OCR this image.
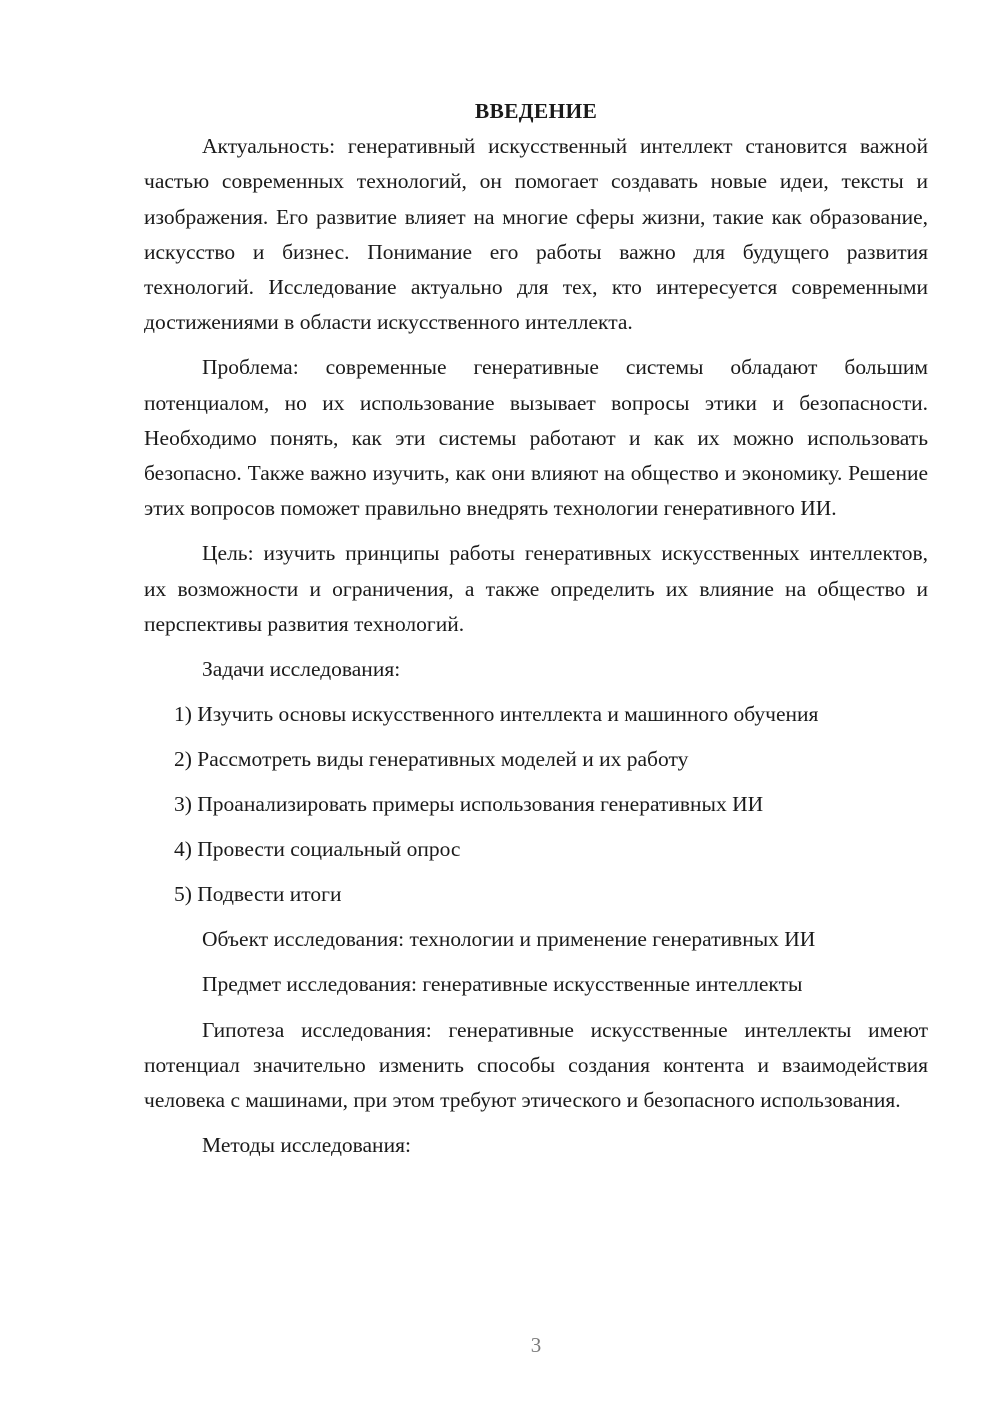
ВВЕДЕНИЕ

Актуальность: генеративный искусственный интеллект становится важной частью современных технологий, он помогает создавать новые идеи, тексты и изображения. Его развитие влияет на многие сферы жизни, такие как образование, искусство и бизнес. Понимание его работы важно для будущего развития технологий. Исследование актуально для тех, кто интересуется современными достижениями в области искусственного интеллекта.

Проблема: современные генеративные системы обладают большим потенциалом, но их использование вызывает вопросы этики и безопасности. Необходимо понять, как эти системы работают и как их можно использовать безопасно. Также важно изучить, как они влияют на общество и экономику. Решение этих вопросов поможет правильно внедрять технологии генеративного ИИ.

Цель: изучить принципы работы генеративных искусственных интеллектов, их возможности и ограничения, а также определить их влияние на общество и перспективы развития технологий.

Задачи исследования:

1) Изучить основы искусственного интеллекта и машинного обучения
2) Рассмотреть виды генеративных моделей и их работу
3) Проанализировать примеры использования генеративных ИИ
4) Провести социальный опрос
5) Подвести итоги

Объект исследования: технологии и применение генеративных ИИ

Предмет исследования: генеративные искусственные интеллекты

Гипотеза исследования: генеративные искусственные интеллекты имеют потенциал значительно изменить способы создания контента и взаимодействия человека с машинами, при этом требуют этического и безопасного использования.

Методы исследования:

3
